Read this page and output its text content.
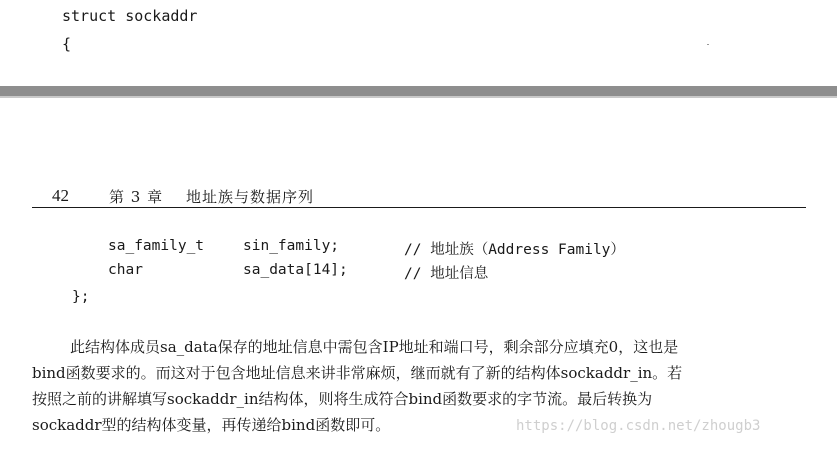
struct sockaddr
{
42	第 3 章 地址族与数据序列
sa_family_t	sin_family;	// 地址族（Address Family）
char	sa_data[14];	// 地址信息
};
此结构体成员sa_data保存的地址信息中需包含IP地址和端口号，剩余部分应填充0，这也是
bind函数要求的。而这对于包含地址信息来讲非常麻烦，继而就有了新的结构体sockaddr_in。若
按照之前的讲解填写sockaddr_in结构体，则将生成符合bind函数要求的字节流。最后转换为
sockaddr型的结构体变量，再传递给bind函数即可。	https://blog.csdn.net/zhougb3
